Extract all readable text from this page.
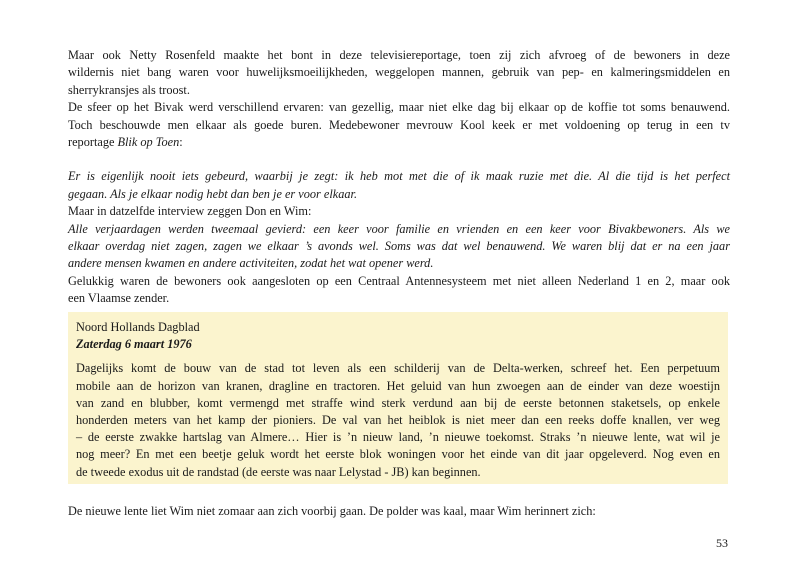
Maar ook Netty Rosenfeld maakte het bont in deze televisiereportage, toen zij zich afvroeg of de bewoners in deze
wildernis niet bang waren voor huwelijksmoeilijkheden, weggelopen mannen, gebruik van pep- en kalmeringsmiddelen en
sherrykransjes als troost.
De sfeer op het Bivak werd verschillend ervaren: van gezellig, maar niet elke dag bij elkaar op de koffie tot soms benauwend.
Toch beschouwde men elkaar als goede buren. Medebewoner mevrouw Kool keek er met voldoening op terug in een tv
reportage Blik op Toen:

Er is eigenlijk nooit iets gebeurd, waarbij je zegt: ik heb mot met die of ik maak ruzie met die. Al die tijd is het perfect
gegaan. Als je elkaar nodig hebt dan ben je er voor elkaar.

Maar in datzelfde interview zeggen Don en Wim:

Alle verjaardagen werden tweemaal gevierd: een keer voor familie en vrienden en een keer voor Bivakbewoners. Als we
elkaar overdag niet zagen, zagen we elkaar ’s avonds wel. Soms was dat wel benauwend. We waren blij dat er na een jaar
andere mensen kwamen en andere activiteiten, zodat het wat opener werd.

Gelukkig waren de bewoners ook aangesloten op een Centraal Antennesysteem met niet alleen Nederland 1 en 2, maar ook
een Vlaamse zender.

Noord Hollands Dagblad
Zaterdag 6 maart 1976

Dagelijks komt de bouw van de stad tot leven als een schilderij van de Delta-werken, schreef het. Een perpetuum
mobile aan de horizon van kranen, dragline en tractoren. Het geluid van hun zwoegen aan de einder van deze woestijn
van zand en blubber, komt vermengd met straffe wind sterk verdund aan bij de eerste betonnen staketsels, op enkele
honderden meters van het kamp der pioniers. De val van het heiblok is niet meer dan een reeks doffe knallen, ver weg
– de eerste zwakke hartslag van Almere… Hier is ’n nieuw land, ’n nieuwe toekomst. Straks ’n nieuwe lente, wat wil je
nog meer? En met een beetje geluk wordt het eerste blok woningen voor het einde van dit jaar opgeleverd. Nog even en
de tweede exodus uit de randstad (de eerste was naar Lelystad - JB) kan beginnen.

De nieuwe lente liet Wim niet zomaar aan zich voorbij gaan. De polder was kaal, maar Wim herinnert zich:
53
